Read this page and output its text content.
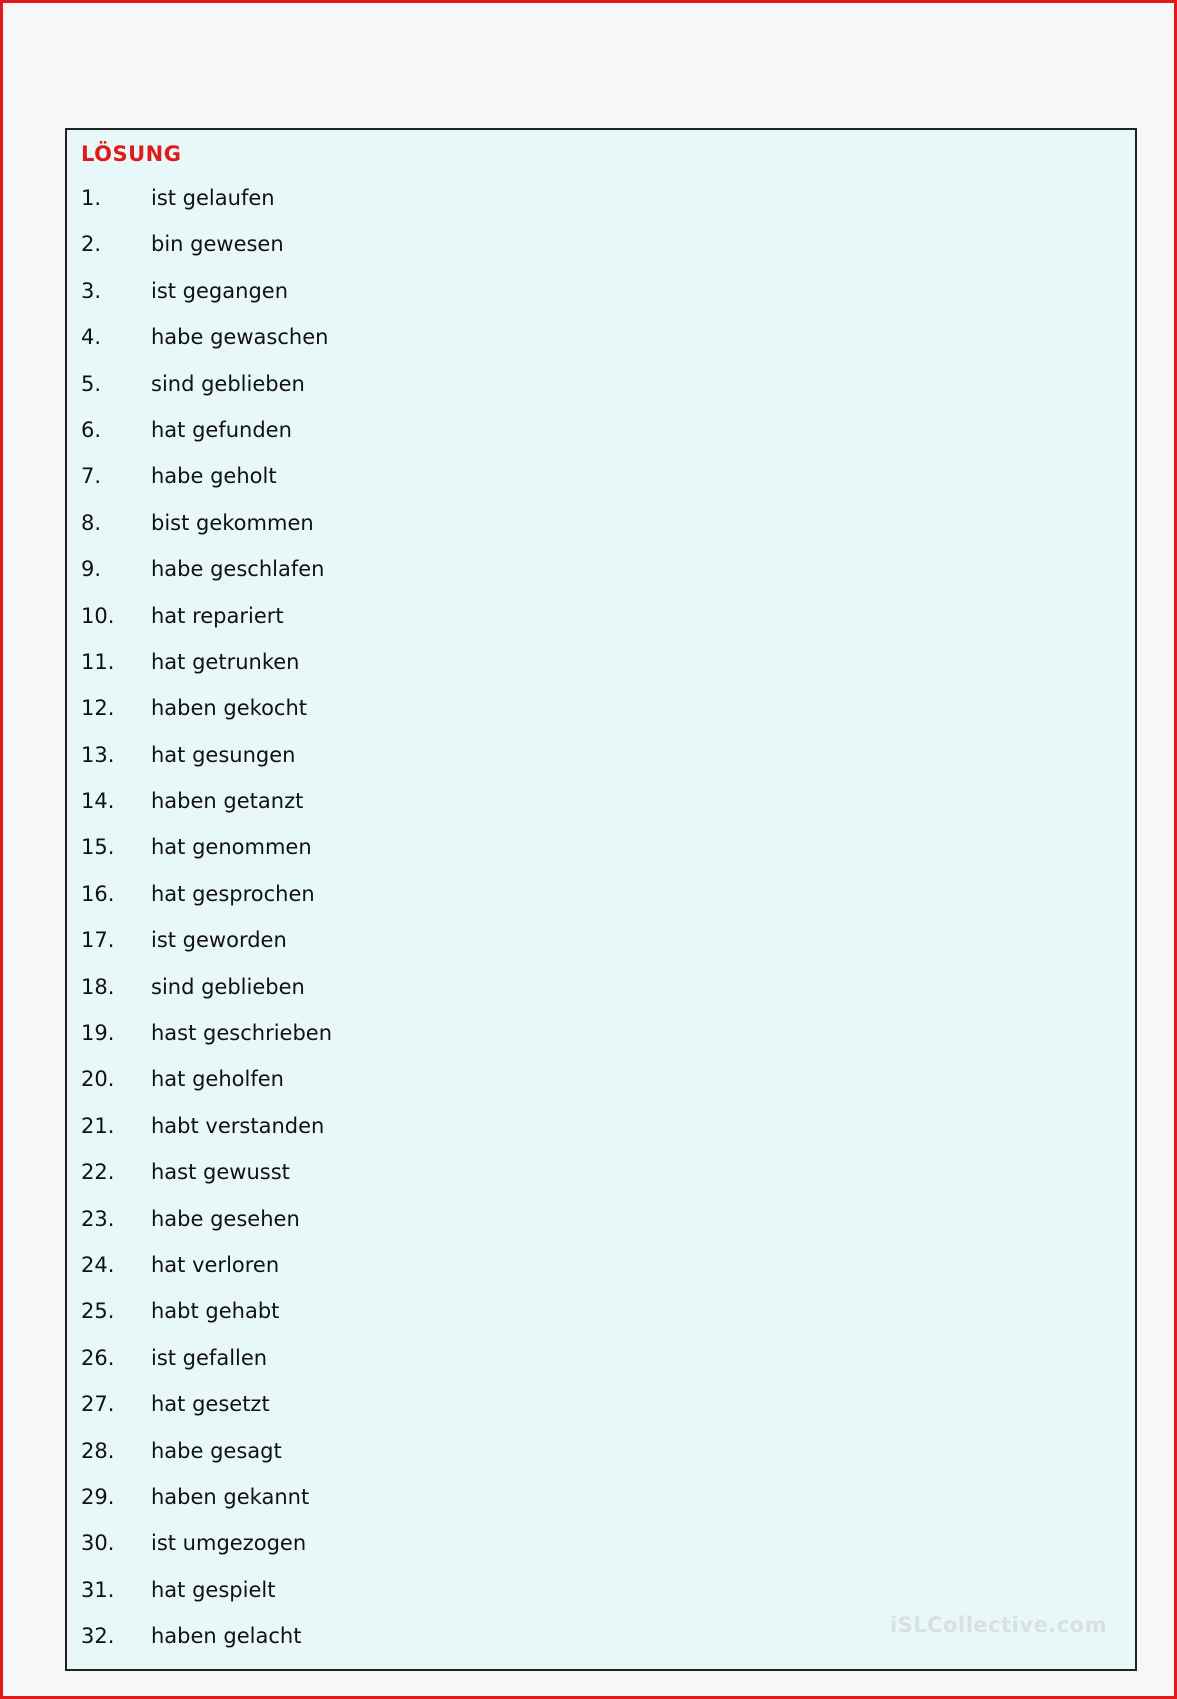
LÖSUNG
1.	ist gelaufen
2.	bin gewesen
3.	ist gegangen
4.	habe gewaschen
5.	sind geblieben
6.	hat gefunden
7.	habe geholt
8.	bist gekommen
9.	habe geschlafen
10.	hat repariert
11.	hat getrunken
12.	haben gekocht
13.	hat gesungen
14.	haben getanzt
15.	hat genommen
16.	hat gesprochen
17.	ist geworden
18.	sind geblieben
19.	hast geschrieben
20.	hat geholfen
21.	habt verstanden
22.	hast gewusst
23.	habe gesehen
24.	hat verloren
25.	habt gehabt
26.	ist gefallen
27.	hat gesetzt
28.	habe gesagt
29.	haben gekannt
30.	ist umgezogen
31.	hat gespielt
32.	haben gelacht	iSLCollective.com
